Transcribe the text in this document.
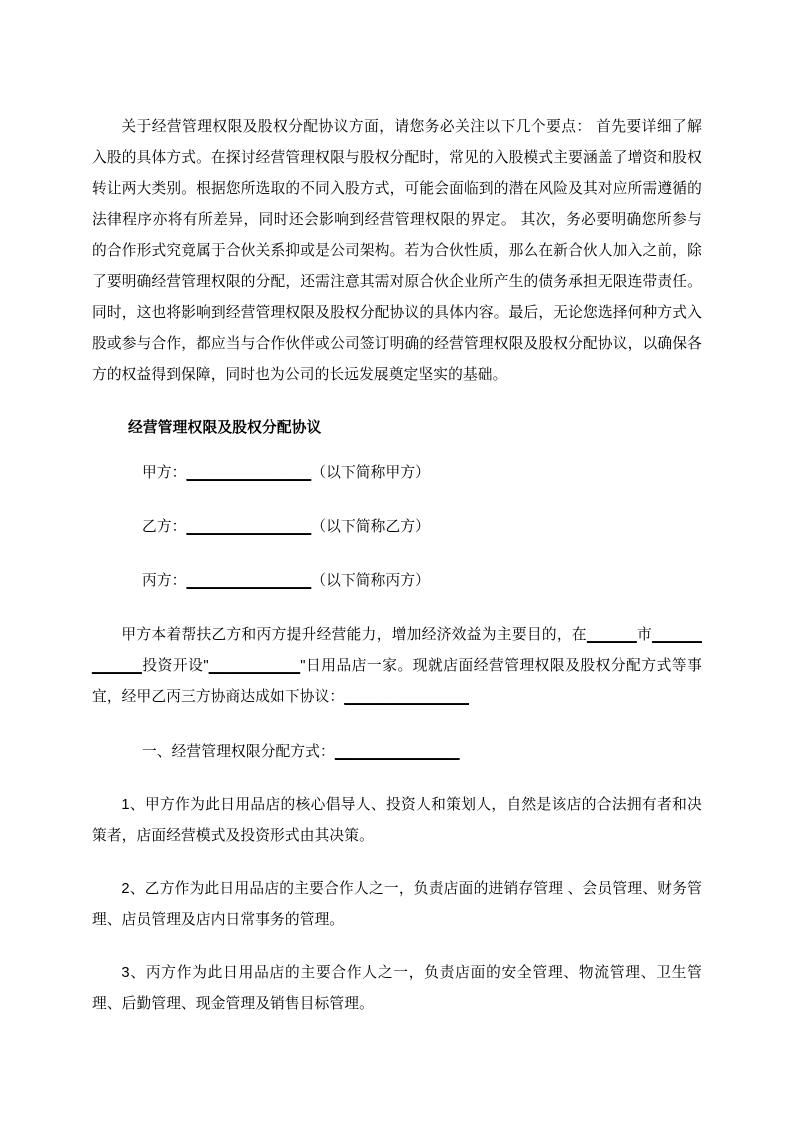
关于经营管理权限及股权分配协议方面，请您务必关注以下几个要点： 首先要详细了解入股的具体方式。在探讨经营管理权限与股权分配时，常见的入股模式主要涵盖了增资和股权转让两大类别。根据您所选取的不同入股方式，可能会面临到的潜在风险及其对应所需遵循的法律程序亦将有所差异，同时还会影响到经营管理权限的界定。 其次，务必要明确您所参与的合作形式究竟属于合伙关系抑或是公司架构。若为合伙性质，那么在新合伙人加入之前，除了要明确经营管理权限的分配，还需注意其需对原合伙企业所产生的债务承担无限连带责任。同时，这也将影响到经营管理权限及股权分配协议的具体内容。最后，无论您选择何种方式入股或参与合作，都应当与合作伙伴或公司签订明确的经营管理权限及股权分配协议，以确保各方的权益得到保障，同时也为公司的长远发展奠定坚实的基础。

经营管理权限及股权分配协议

甲方：_______________（以下简称甲方）

乙方：_______________（以下简称乙方）

丙方：_______________（以下简称丙方）

甲方本着帮扶乙方和丙方提升经营能力，增加经济效益为主要目的，在______市____________投资开设"___________"日用品店一家。现就店面经营管理权限及股权分配方式等事宜，经甲乙丙三方协商达成如下协议：_______________

一、经营管理权限分配方式：_______________

1、甲方作为此日用品店的核心倡导人、投资人和策划人，自然是该店的合法拥有者和决策者，店面经营模式及投资形式由其决策。

2、乙方作为此日用品店的主要合作人之一，负责店面的进销存管理 、会员管理、财务管理、店员管理及店内日常事务的管理。

3、丙方作为此日用品店的主要合作人之一，负责店面的安全管理、物流管理、卫生管理、后勤管理、现金管理及销售目标管理。
